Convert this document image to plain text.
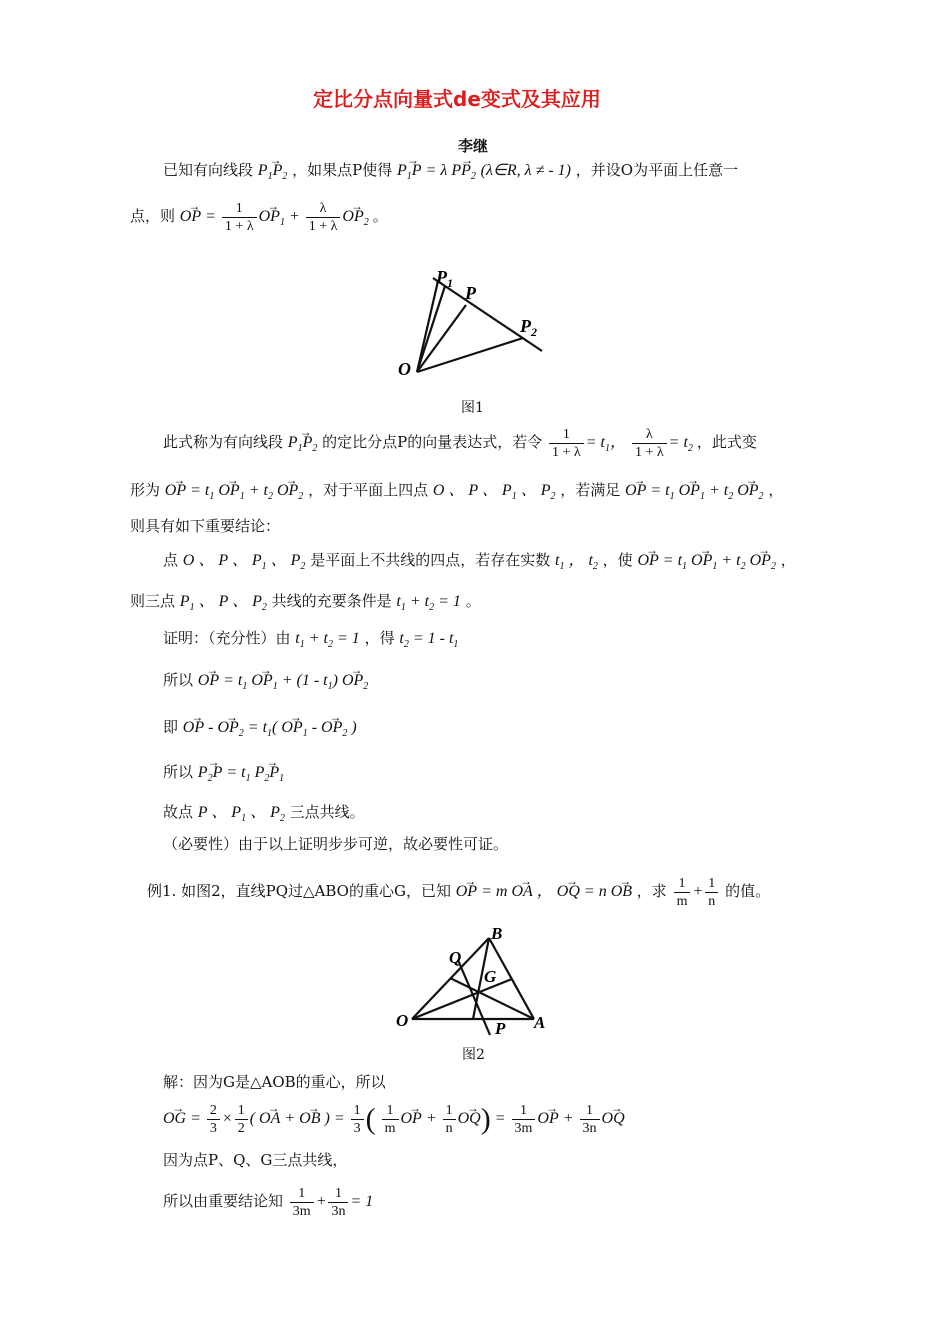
定比分点向量式de变式及其应用
李继
已知有向线段 → $P_1P_2$ ，如果点P使得 → $P_1P = \lambda \to PP_2$ (λ∈R, λ ≠ - 1) ，并设O为平面上任意一
点，则 → OP = $\frac{1}{1 + \lambda}$
→ $OP_1 + \frac{\lambda}{1 + \lambda}$
→ $OP_2$ 。
$P_1$ P
$P_2$
O
图1
此式称为有向线段 → $P_1P_2$ 的定比分点P的向量表达式，若令 $\frac{1}{1 + \lambda} = t_1$， $\frac{\lambda}{1 + \lambda} = t_2$ ，此式变
形为 → OP = $t_1 \to OP_1 + t_2 \to OP_2$ ，对于平面上四点 O 、 P 、 $P_1$ 、 $P_2$ ，若满足 → OP = $t_1 \to OP_1 + t_2 \to OP_2$ ，
则具有如下重要结论：
点 O 、 P 、 $P_1$ 、 $P_2$ 是平面上不共线的四点，若存在实数 $t_1$ ， $t_2$ ，使 → OP = $t_1 \to OP_1 + t_2 \to OP_2$ ，
则三点 $P_1$ 、 P 、 $P_2$ 共线的充要条件是 $t_1 + t_2 = 1$ 。
证明：（充分性）由 $t_1 + t_2 = 1$ ，得 $t_2 = 1 - t_1$
所以 → OP = $t_1 \to OP_1 + (1 - t_1) \to OP_2$
即 → OP - → $OP_2 = t_1( \to OP_1$ - → $OP_2$ )
所以 → $P_2P = t_1 \to P_2P_1$
故点 P 、 $P_1$ 、 $P_2$ 三点共线。
（必要性）由于以上证明步步可逆，故必要性可证。
例1. 如图2，直线PQ过△ABO的重心G，已知 → OP = m → OA ， → OQ = n → OB ，求 $\frac{1}{m} + \frac{1}{n}$ 的值。
B
Q
G
O	P A
图2
解：因为G是△AOB的重心，所以
→ OG = $\frac{2}{3} \times \frac{1}{2}$ ( → OA + → OB ) = $\frac{1}{3}$ ( $\frac{1}{m}$
→ OP + $\frac{1}{n}$
→ $OQ) = \frac{1}{3m}$
→ OP + $\frac{1}{3n}$
→ OQ
因为点P、Q、G三点共线，
所以由重要结论知 $\frac{1}{3m} + \frac{1}{3n} = 1$
